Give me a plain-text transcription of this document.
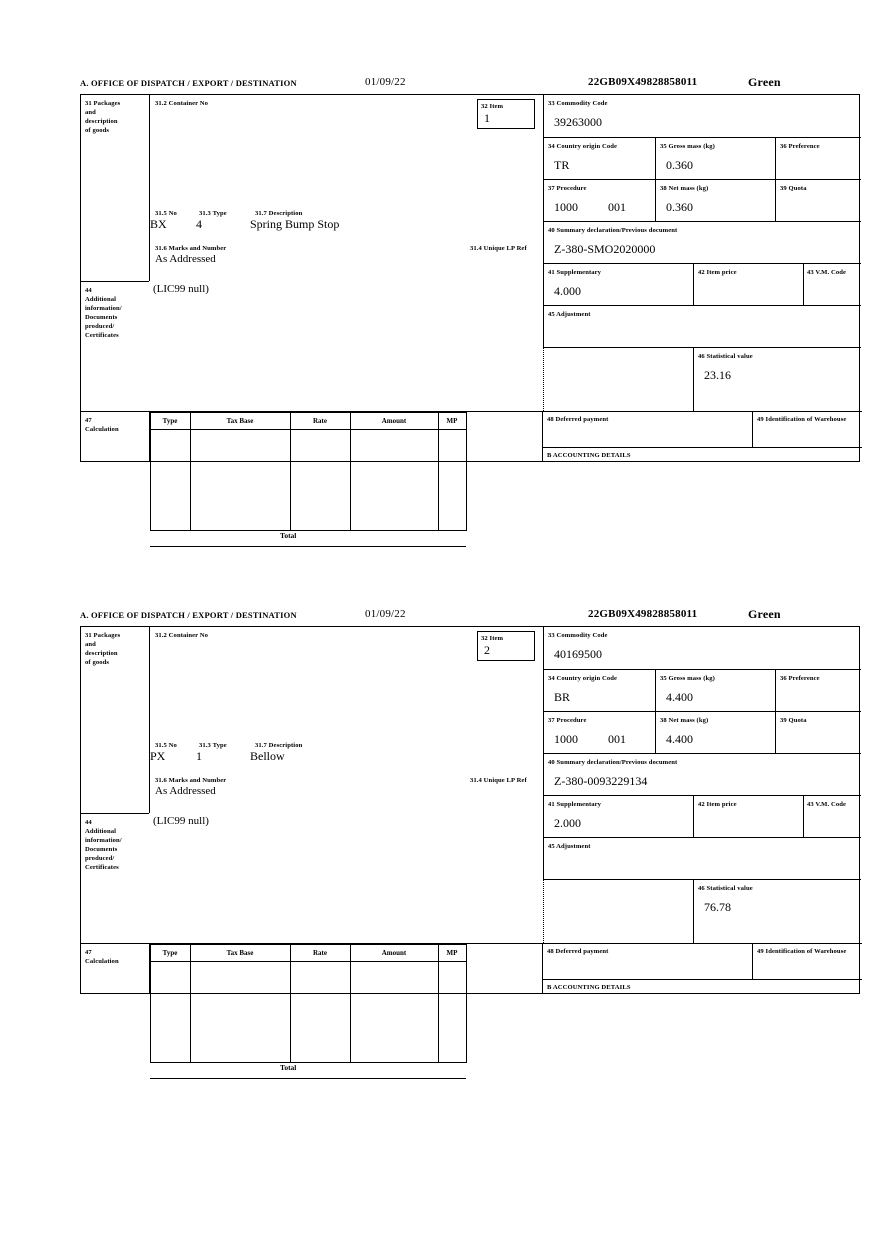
A. OFFICE OF DISPATCH / EXPORT / DESTINATION	01/09/22	22GB09X49828858011	Green
31 Packages
and
description
of goods
31.2 Container No
31.5 No	31.3 Type	31.7 Description
BX 4	Spring Bump Stop
31.6 Marks and Number
As Addressed
31.4 Unique LP Ref
32 Item
1
33 Commodity Code
39263000
34 Country origin Code
TR
35 Gross mass (kg)
0.360
36 Preference
37 Procedure
1000	001
38 Net mass (kg)
0.360
39 Quota
40 Summary declaration/Previous document
Z-380-SMO2020000
41 Supplementary
4.000
42 Item price	43 V.M. Code
45 Adjustment
46 Statistical value
23.16
44
Additional
information/
Documents
produced/
Certificates
(LIC99 null)
47
Calculation
Type	Tax Base	Rate	Amount	MP
Total
48 Deferred payment	49 Identification of Warehouse
B ACCOUNTING DETAILS
A. OFFICE OF DISPATCH / EXPORT / DESTINATION	01/09/22	22GB09X49828858011	Green
31 Packages
and
description
of goods
31.2 Container No
31.5 No	31.3 Type	31.7 Description
PX	1	Bellow
31.6 Marks and Number
As Addressed
31.4 Unique LP Ref
32 Item
2
33 Commodity Code
40169500
34 Country origin Code
BR
35 Gross mass (kg)
4.400
36 Preference
37 Procedure
1000	001
38 Net mass (kg)
4.400
39 Quota
40 Summary declaration/Previous document
Z-380-0093229134
41 Supplementary
2.000
42 Item price	43 V.M. Code
45 Adjustment
46 Statistical value
76.78
44
Additional
information/
Documents
produced/
Certificates
(LIC99 null)
47
Calculation
Type	Tax Base	Rate	Amount	MP
Total
48 Deferred payment	49 Identification of Warehouse
B ACCOUNTING DETAILS
